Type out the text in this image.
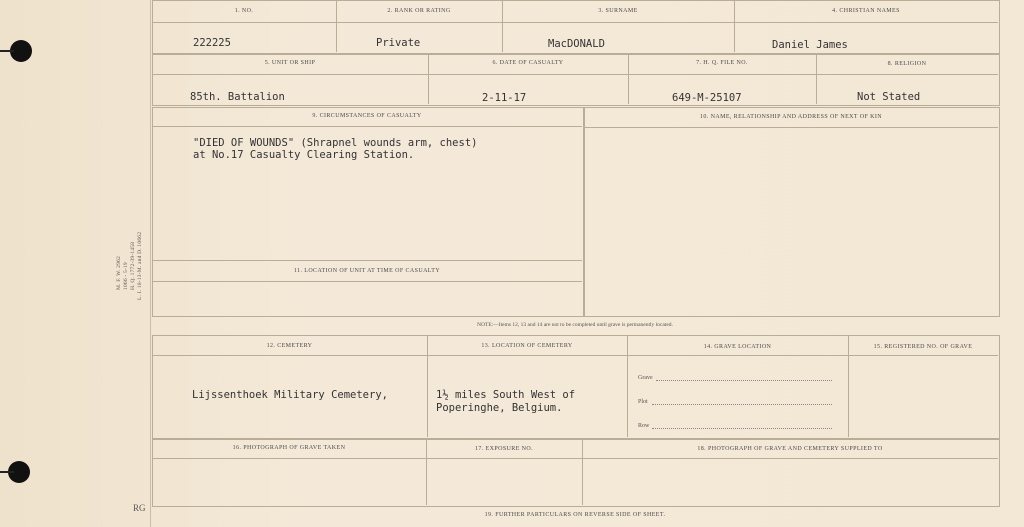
M. F. W. 2962 1066 - 5-19 H. Q. 1772-39-1458 L. I. 18-13-M. and D. 10662
RG
1. NO.	2. RANK OR RATING	3. SURNAME	4. CHRISTIAN NAMES
222225	Private	MacDONALD	Daniel James
5. UNIT OR SHIP	6. DATE OF CASUALTY	7. H. Q. FILE NO.	8. RELIGION
85th. Battalion	2-11-17	649-M-25107	Not Stated
9. CIRCUMSTANCES OF CASUALTY	10. NAME, RELATIONSHIP AND ADDRESS OF NEXT OF KIN
"DIED OF WOUNDS" (Shrapnel wounds arm, chest)
at No.17 Casualty Clearing Station.
11. LOCATION OF UNIT AT TIME OF CASUALTY
NOTE:—Items 12, 13 and 14 are not to be completed until grave is permanently located.
12. CEMETERY	13. LOCATION OF CEMETERY	14. GRAVE LOCATION	15. REGISTERED NO. OF GRAVE
Lijssenthoek Military Cemetery,	1½ miles South West of
Poperinghe, Belgium.
Grave
Plot
Row
16. PHOTOGRAPH OF GRAVE TAKEN	17. EXPOSURE NO.	18. PHOTOGRAPH OF GRAVE AND CEMETERY SUPPLIED TO
19. FURTHER PARTICULARS ON REVERSE SIDE OF SHEET.
